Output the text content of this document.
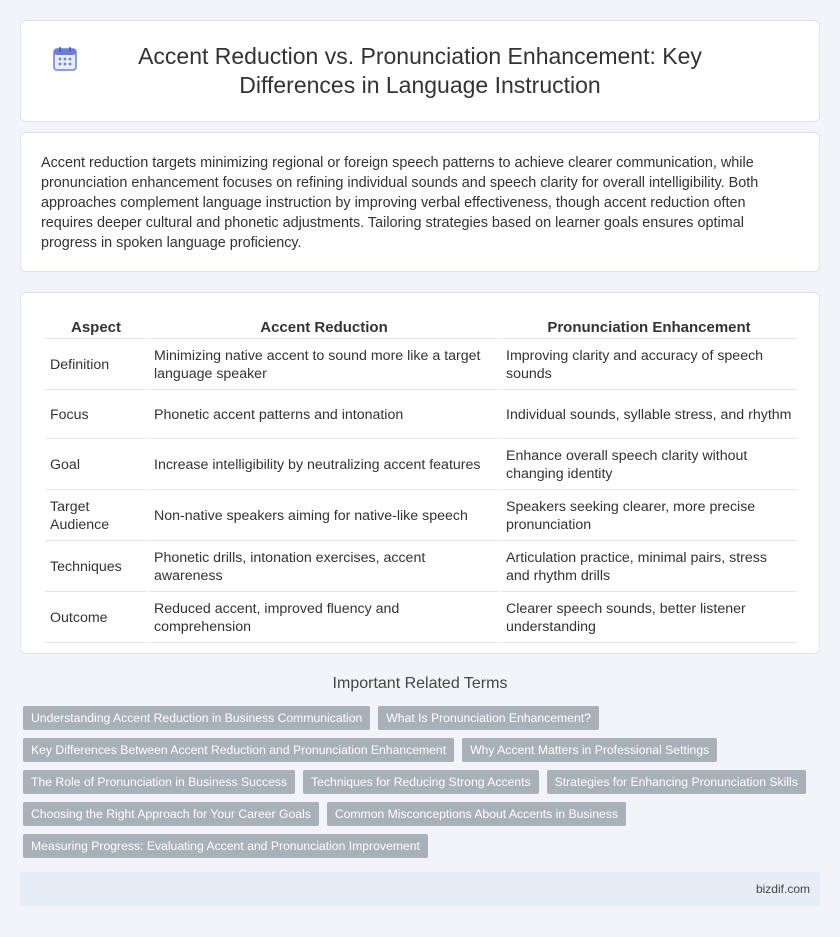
Accent Reduction vs. Pronunciation Enhancement: Key Differences in Language Instruction

Accent reduction targets minimizing regional or foreign speech patterns to achieve clearer communication, while pronunciation enhancement focuses on refining individual sounds and speech clarity for overall intelligibility. Both approaches complement language instruction by improving verbal effectiveness, though accent reduction often requires deeper cultural and phonetic adjustments. Tailoring strategies based on learner goals ensures optimal progress in spoken language proficiency.

Aspect	Accent Reduction	Pronunciation Enhancement
Definition	Minimizing native accent to sound more like a target language speaker	Improving clarity and accuracy of speech sounds
Focus	Phonetic accent patterns and intonation	Individual sounds, syllable stress, and rhythm
Goal	Increase intelligibility by neutralizing accent features	Enhance overall speech clarity without changing identity
Target Audience	Non-native speakers aiming for native-like speech	Speakers seeking clearer, more precise pronunciation
Techniques	Phonetic drills, intonation exercises, accent awareness	Articulation practice, minimal pairs, stress and rhythm drills
Outcome	Reduced accent, improved fluency and comprehension	Clearer speech sounds, better listener understanding
Important Related Terms
Understanding Accent Reduction in Business Communication	What Is Pronunciation Enhancement?
Key Differences Between Accent Reduction and Pronunciation Enhancement	Why Accent Matters in Professional Settings
The Role of Pronunciation in Business Success	Techniques for Reducing Strong Accents	Strategies for Enhancing Pronunciation Skills
Choosing the Right Approach for Your Career Goals	Common Misconceptions About Accents in Business
Measuring Progress: Evaluating Accent and Pronunciation Improvement
bizdif.com
